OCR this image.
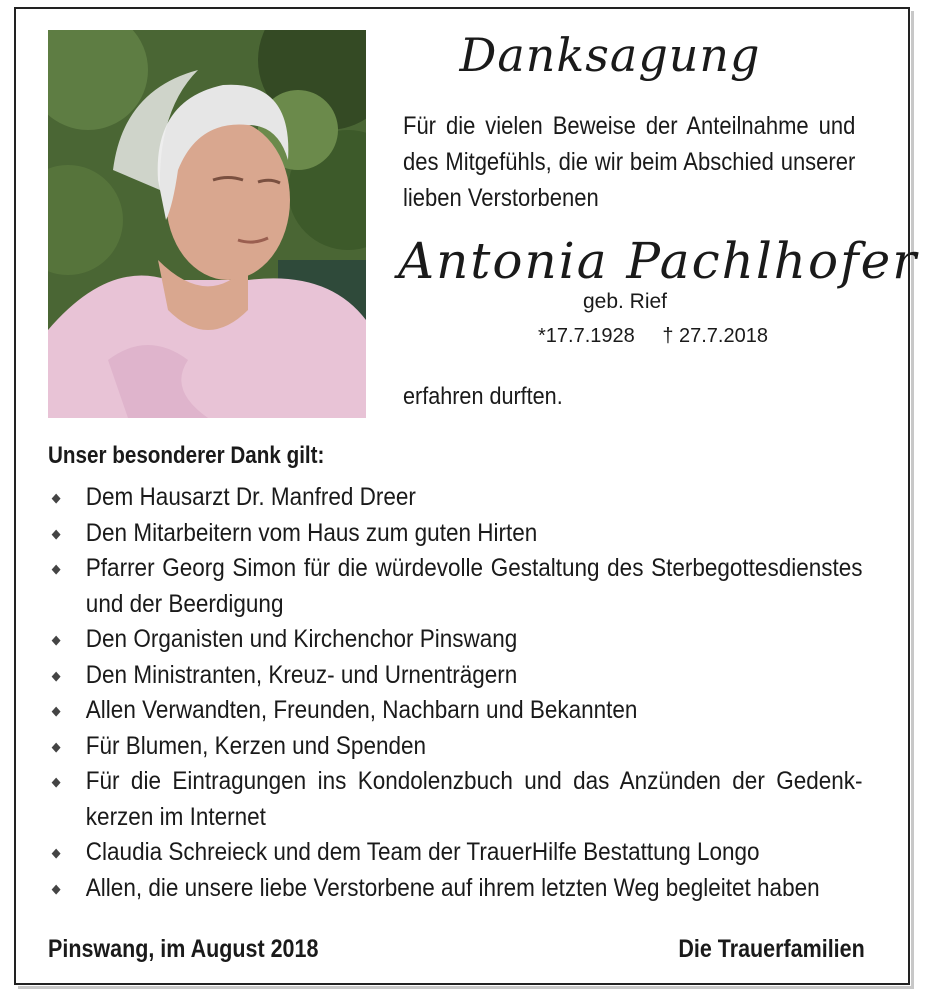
Danksagung
Für die vielen Beweise der Anteilnahme und des Mitgefühls, die wir beim Abschied unserer lieben Verstorbenen
Antonia Pachlhofer
geb. Rief
*17.7.1928 † 27.7.2018
erfahren durften.
Unser besonderer Dank gilt:
◆ Dem Hausarzt Dr. Manfred Dreer
◆ Den Mitarbeitern vom Haus zum guten Hirten
◆ Pfarrer Georg Simon für die würdevolle Gestaltung des Sterbegottesdienstes und der Beerdigung
◆ Den Organisten und Kirchenchor Pinswang
◆ Den Ministranten, Kreuz- und Urnenträgern
◆ Allen Verwandten, Freunden, Nachbarn und Bekannten
◆ Für Blumen, Kerzen und Spenden
◆ Für die Eintragungen ins Kondolenzbuch und das Anzünden der Gedenk-kerzen im Internet
◆ Claudia Schreieck und dem Team der TrauerHilfe Bestattung Longo
◆ Allen, die unsere liebe Verstorbene auf ihrem letzten Weg begleitet haben
Pinswang, im August 2018	Die Trauerfamilien
